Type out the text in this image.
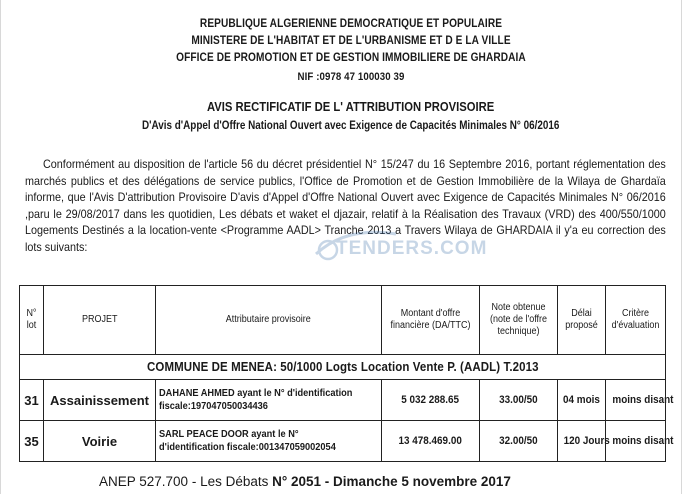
REPUBLIQUE ALGERIENNE DEMOCRATIQUE ET POPULAIRE
MINISTERE DE L'HABITAT ET DE L'URBANISME ET D E LA VILLE
OFFICE DE PROMOTION ET DE GESTION IMMOBILIERE DE GHARDAIA
NIF :0978 47 100030 39
AVIS RECTIFICATIF DE L' ATTRIBUTION PROVISOIRE
D'Avis d'Appel d'Offre National Ouvert avec Exigence de Capacités Minimales N° 06/2016
Conformément au disposition de l'article 56 du décret présidentiel N° 15/247 du 16 Septembre 2016, portant réglementation des marchés publics et des délégations de service publics, l'Office de Promotion et de Gestion Immobilière de la Wilaya de Ghardaïa informe, que l'Avis D'attribution Provisoire D'avis d'Appel d'Offre National Ouvert avec Exigence de Capacités Minimales N° 06/2016 ,paru le 29/08/2017 dans les quotidien, Les débats et waket el djazair, relatif à la Réalisation des Travaux (VRD) des 400/550/1000 Logements Destinés a la location-vente <Programme AADL> Tranche 2013 a Travers Wilaya de GHARDAIA il y'a eu correction des lots suivants:	TENDERS.COM
N° lot	PROJET	Attributaire provisoire	Montant d'offre financière (DA/TTC)	Note obtenue (note de l'offre technique)	Délai proposé	Critère d'évaluation
COMMUNE DE MENEA: 50/1000 Logts Location Vente P. (AADL) T.2013						
31	Assainissement	DAHANE AHMED ayant le N° d'identification
fiscale:197047050034436	5 032 288.65	33.00/50	04 mois	moins disant
35	Voirie	SARL PEACE DOOR ayant le N°
d'identification fiscale:001347059002054	13 478.469.00	32.00/50	120 Jours	moins disant
ANEP 527.700 - Les Débats N° 2051 - Dimanche 5 novembre 2017
